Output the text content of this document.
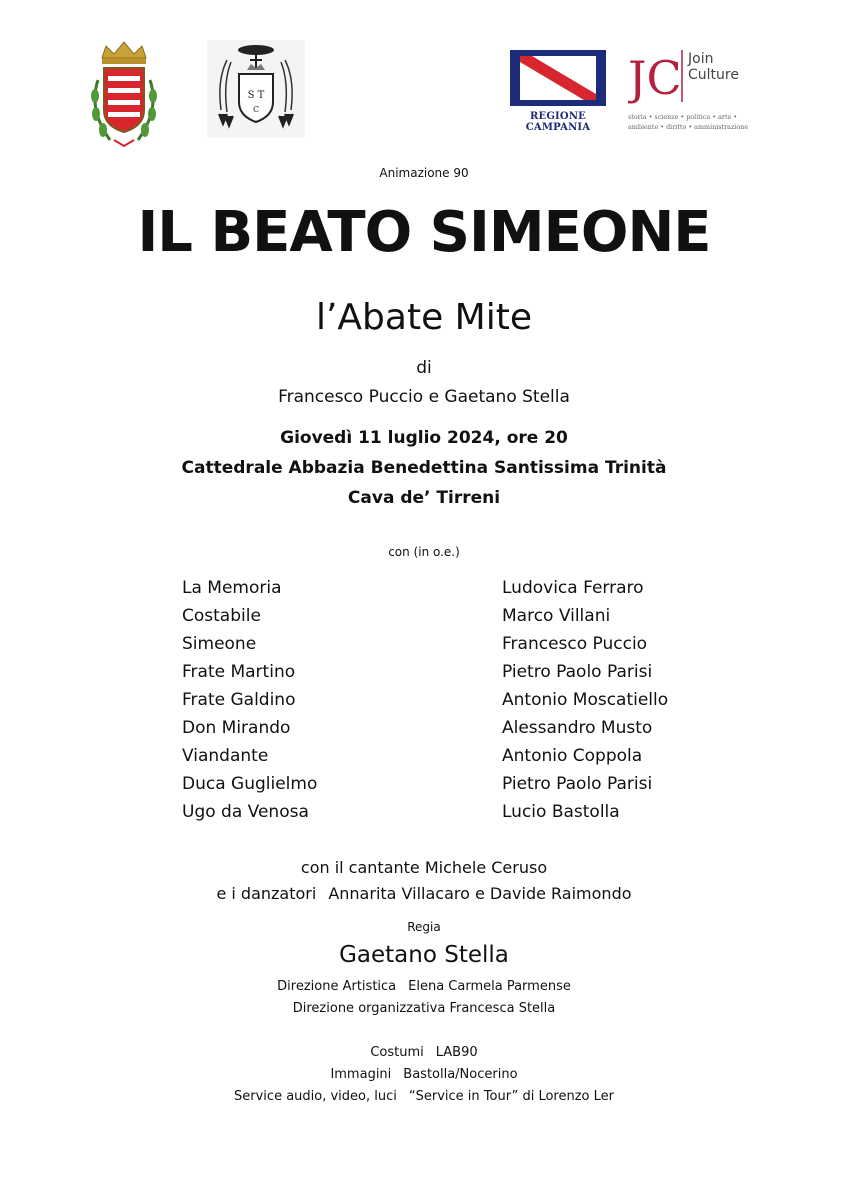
S T
C
REGIONE CAMPANIA
JC Join
Culture
storia • scienze • politica • arte •
ambiente • diritto • amministrazione
Animazione 90
IL BEATO SIMEONE
l’Abate Mite
di
Francesco Puccio e Gaetano Stella
Giovedì 11 luglio 2024, ore 20
Cattedrale Abbazia Benedettina Santissima Trinità
Cava de’ Tirreni
con (in o.e.)
La Memoria	Ludovica Ferraro
Costabile	Marco Villani
Simeone	Francesco Puccio
Frate Martino	Pietro Paolo Parisi
Frate Galdino	Antonio Moscatiello
Don Mirando	Alessandro Musto
Viandante	Antonio Coppola
Duca Guglielmo	Pietro Paolo Parisi
Ugo da Venosa	Lucio Bastolla
con il cantante Michele Ceruso
e i danzatori Annarita Villacaro e Davide Raimondo
Regia
Gaetano Stella
Direzione Artistica Elena Carmela Parmense
Direzione organizzativa Francesca Stella
Costumi LAB90
Immagini Bastolla/Nocerino
Service audio, video, luci “Service in Tour” di Lorenzo Ler
